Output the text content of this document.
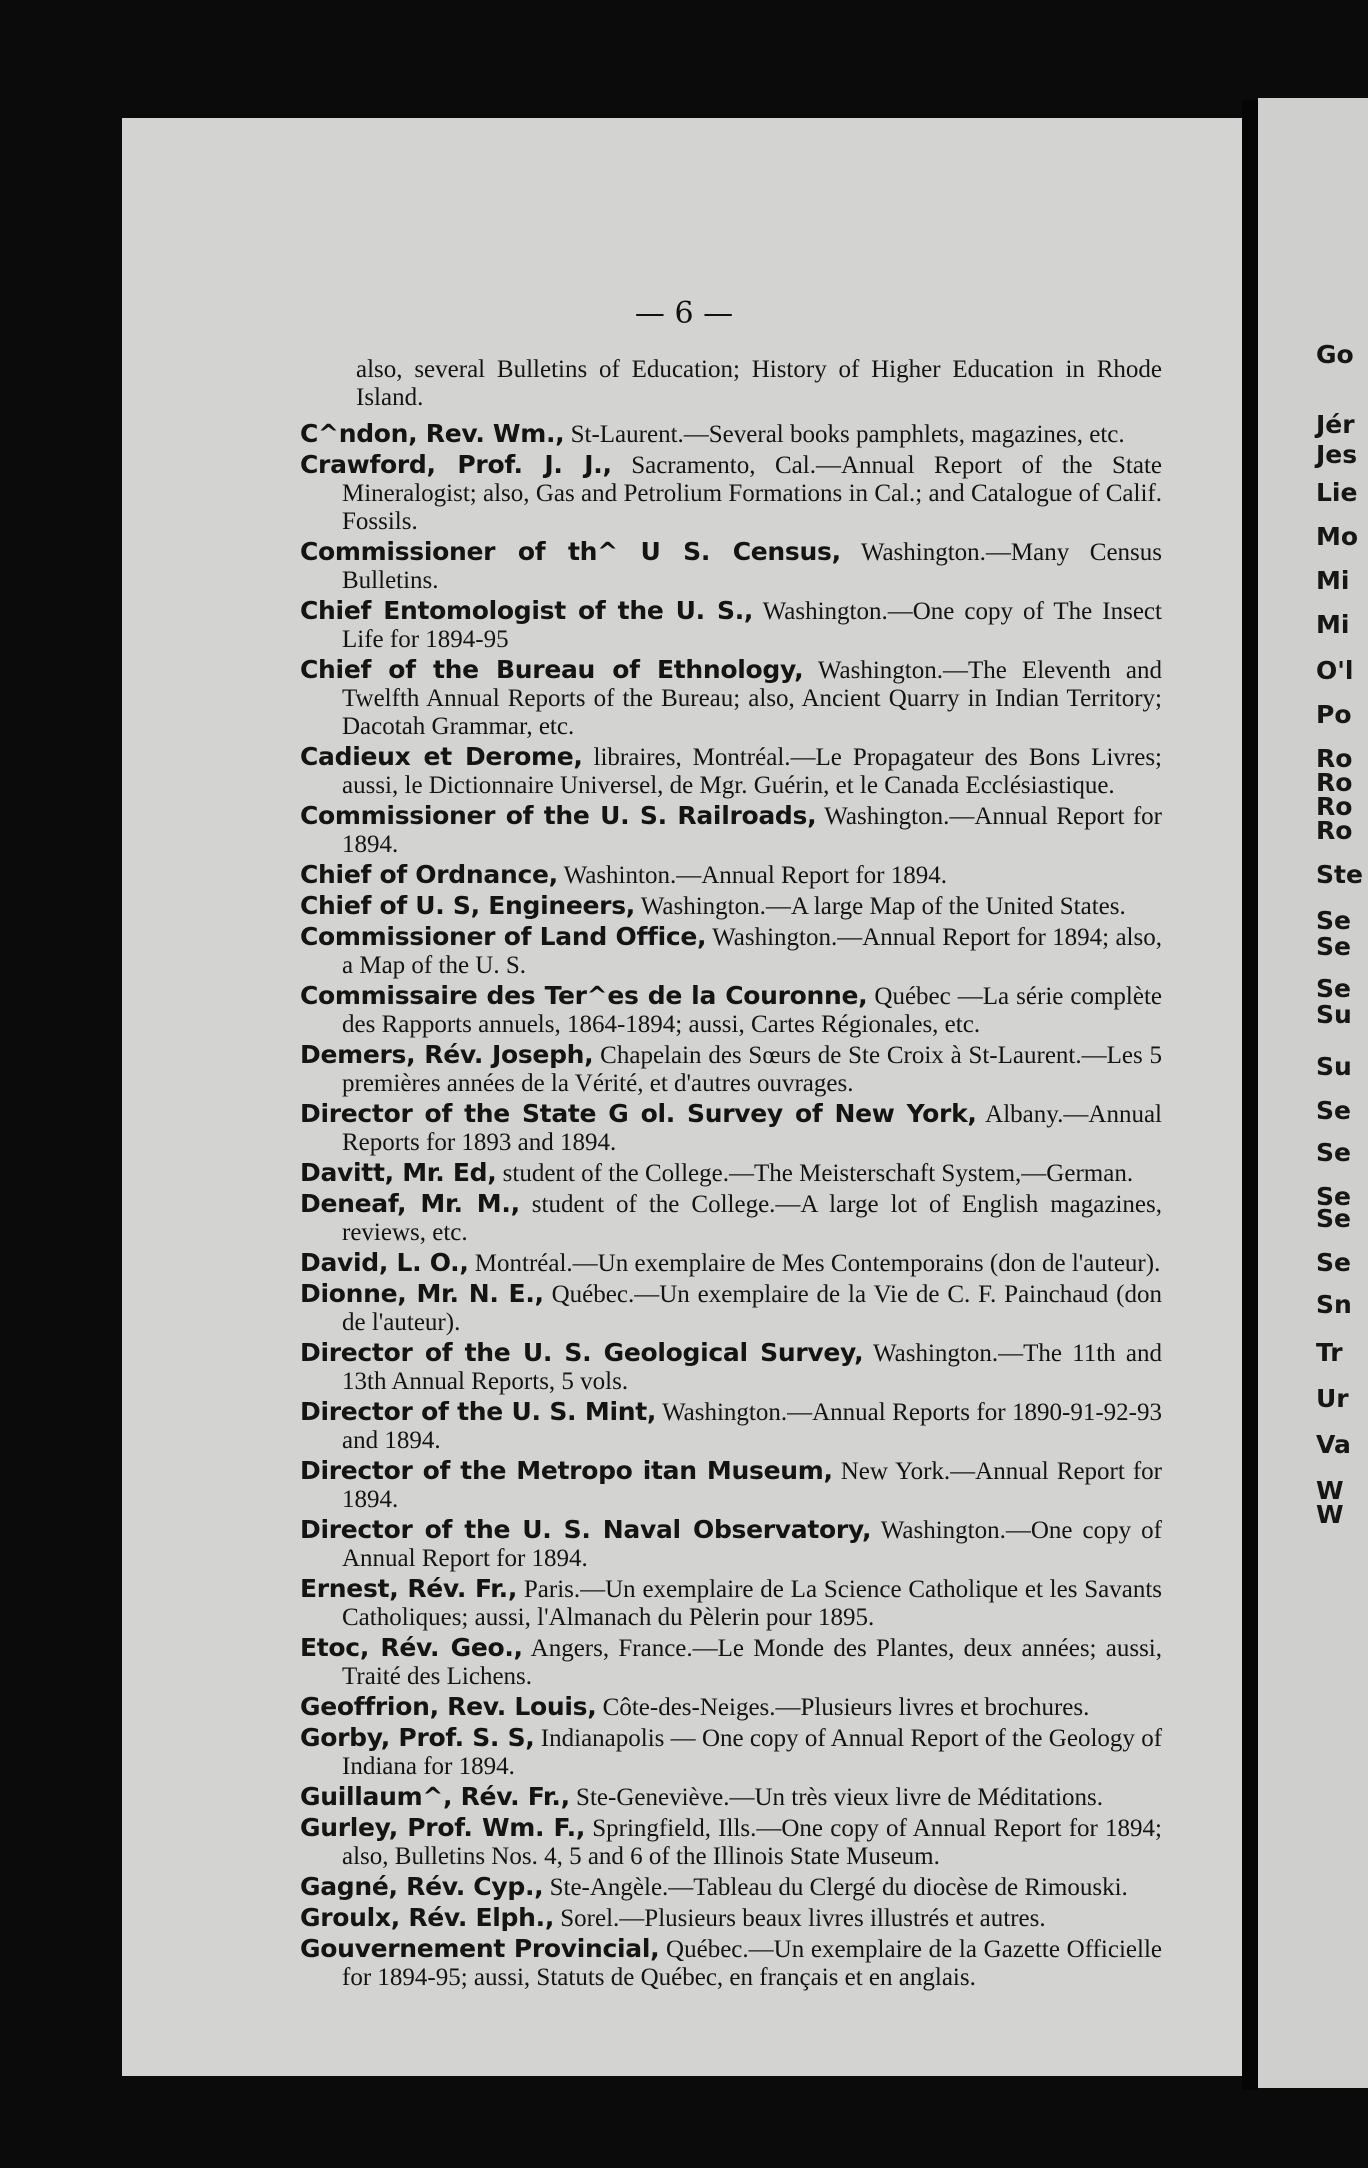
— 6 —
also, several Bulletins of Education; History of Higher Education in Rhode Island.
C^ndon, Rev. Wm., St-Laurent.—Several books pamphlets, magazines, etc.
Crawford, Prof. J. J., Sacramento, Cal.—Annual Report of the State Mineralogist; also, Gas and Petrolium Formations in Cal.; and Catalogue of Calif. Fossils.
Commissioner of th^ U S. Census, Washington.—Many Census Bulletins.
Chief Entomologist of the U. S., Washington.—One copy of The Insect Life for 1894-95
Chief of the Bureau of Ethnology, Washington.—The Eleventh and Twelfth Annual Reports of the Bureau; also, Ancient Quarry in Indian Territory; Dacotah Grammar, etc.
Cadieux et Derome, libraires, Montréal.—Le Propagateur des Bons Livres; aussi, le Dictionnaire Universel, de Mgr. Guérin, et le Canada Ecclésiastique.
Commissioner of the U. S. Railroads, Washington.—Annual Report for 1894.
Chief of Ordnance, Washinton.—Annual Report for 1894.
Chief of U. S, Engineers, Washington.—A large Map of the United States.
Commissioner of Land Office, Washington.—Annual Report for 1894; also, a Map of the U. S.
Commissaire des Ter^es de la Couronne, Québec —La série complète des Rapports annuels, 1864-1894; aussi, Cartes Régionales, etc.
Demers, Rév. Joseph, Chapelain des Sœurs de Ste Croix à St-Laurent.—Les 5 premières années de la Vérité, et d'autres ouvrages.
Director of the State G ol. Survey of New York, Albany.—Annual Reports for 1893 and 1894.
Davitt, Mr. Ed, student of the College.—The Meisterschaft System,—German.
Deneaf, Mr. M., student of the College.—A large lot of English magazines, reviews, etc.
David, L. O., Montréal.—Un exemplaire de Mes Contemporains (don de l'auteur).
Dionne, Mr. N. E., Québec.—Un exemplaire de la Vie de C. F. Painchaud (don de l'auteur).
Director of the U. S. Geological Survey, Washington.—The 11th and 13th Annual Reports, 5 vols.
Director of the U. S. Mint, Washington.—Annual Reports for 1890-91-92-93 and 1894.
Director of the Metropo itan Museum, New York.—Annual Report for 1894.
Director of the U. S. Naval Observatory, Washington.—One copy of Annual Report for 1894.
Ernest, Rév. Fr., Paris.—Un exemplaire de La Science Catholique et les Savants Catholiques; aussi, l'Almanach du Pèlerin pour 1895.
Etoc, Rév. Geo., Angers, France.—Le Monde des Plantes, deux années; aussi, Traité des Lichens.
Geoffrion, Rev. Louis, Côte-des-Neiges.—Plusieurs livres et brochures.
Gorby, Prof. S. S, Indianapolis — One copy of Annual Report of the Geology of Indiana for 1894.
Guillaum^, Rév. Fr., Ste-Geneviève.—Un très vieux livre de Méditations.
Gurley, Prof. Wm. F., Springfield, Ills.—One copy of Annual Report for 1894; also, Bulletins Nos. 4, 5 and 6 of the Illinois State Museum.
Gagné, Rév. Cyp., Ste-Angèle.—Tableau du Clergé du diocèse de Rimouski.
Groulx, Rév. Elph., Sorel.—Plusieurs beaux livres illustrés et autres.
Gouvernement Provincial, Québec.—Un exemplaire de la Gazette Officielle for 1894-95; aussi, Statuts de Québec, en français et en anglais.
Go
Jér
Jes
Lie
Mo
Mi
Mi
O'l
Po
Ro
Ro
Ro
Ro
Ste
Se
Se
Se
Su
Su
Se
Se
Se
Se
Se
Sn
Tr
Ur
Va
W
W
